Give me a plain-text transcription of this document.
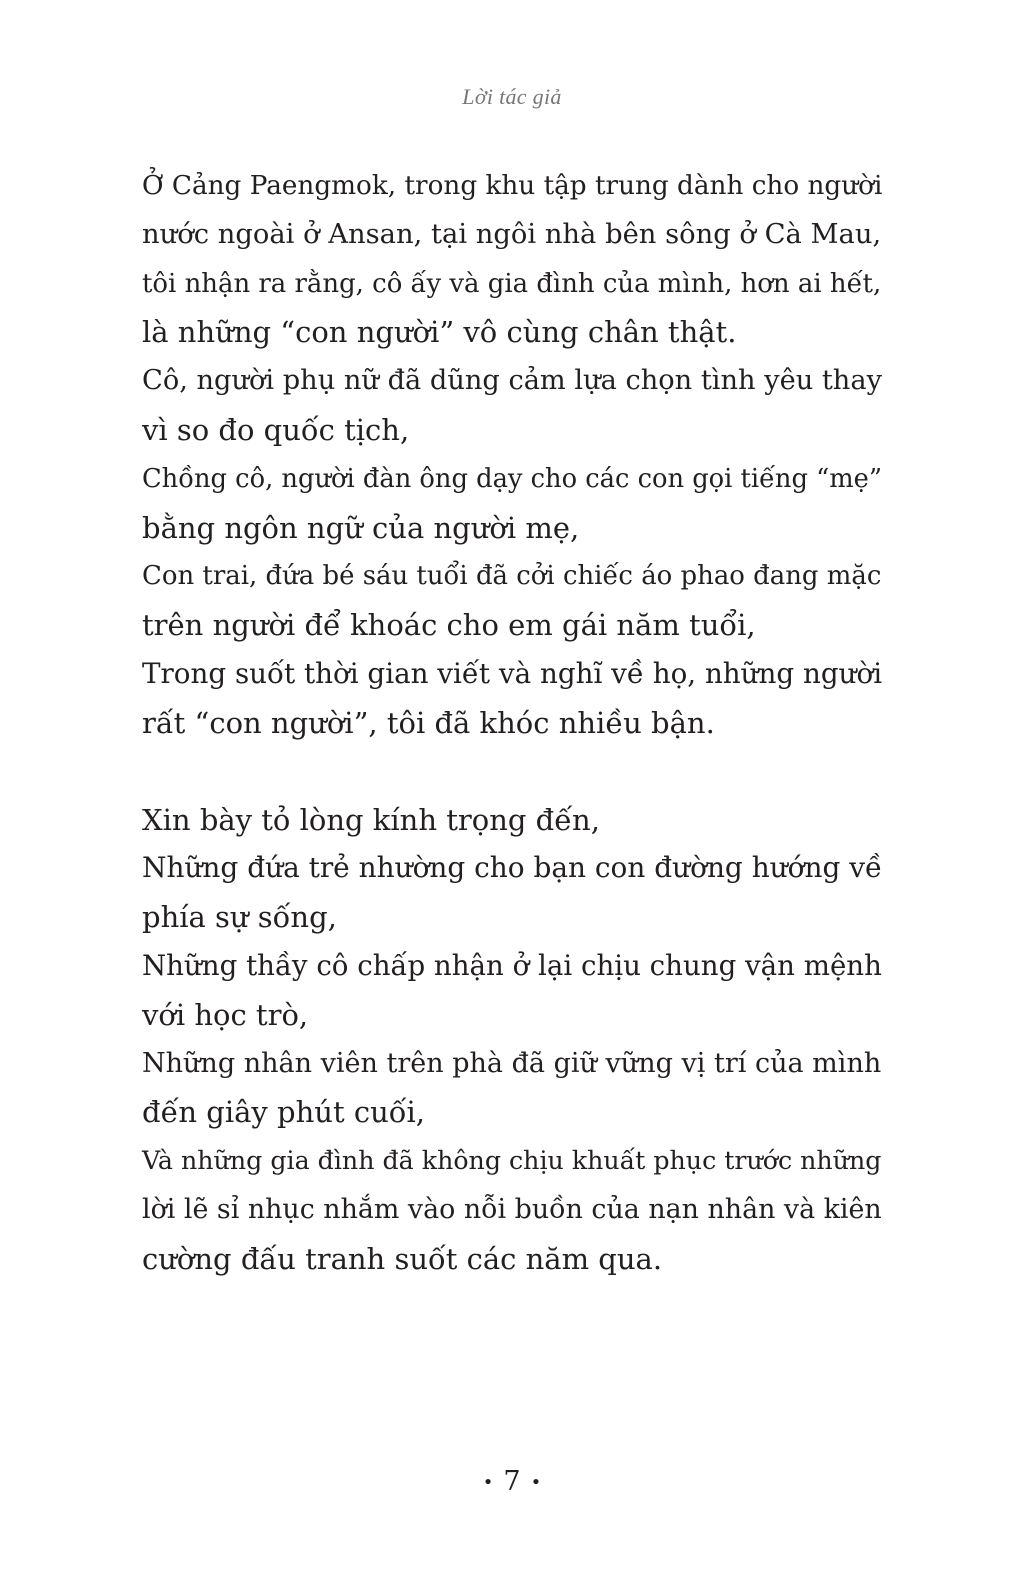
Lời tác giả
Ở Cảng Paengmok, trong khu tập trung dành cho người
nước ngoài ở Ansan, tại ngôi nhà bên sông ở Cà Mau,
tôi nhận ra rằng, cô ấy và gia đình của mình, hơn ai hết,
là những “con người” vô cùng chân thật.
Cô, người phụ nữ đã dũng cảm lựa chọn tình yêu thay
vì so đo quốc tịch,
Chồng cô, người đàn ông dạy cho các con gọi tiếng “mẹ”
bằng ngôn ngữ của người mẹ,
Con trai, đứa bé sáu tuổi đã cởi chiếc áo phao đang mặc
trên người để khoác cho em gái năm tuổi,
Trong suốt thời gian viết và nghĩ về họ, những người
rất “con người”, tôi đã khóc nhiều bận.
Xin bày tỏ lòng kính trọng đến,
Những đứa trẻ nhường cho bạn con đường hướng về
phía sự sống,
Những thầy cô chấp nhận ở lại chịu chung vận mệnh
với học trò,
Những nhân viên trên phà đã giữ vững vị trí của mình
đến giây phút cuối,
Và những gia đình đã không chịu khuất phục trước những
lời lẽ sỉ nhục nhắm vào nỗi buồn của nạn nhân và kiên
cường đấu tranh suốt các năm qua.
• 7 •
